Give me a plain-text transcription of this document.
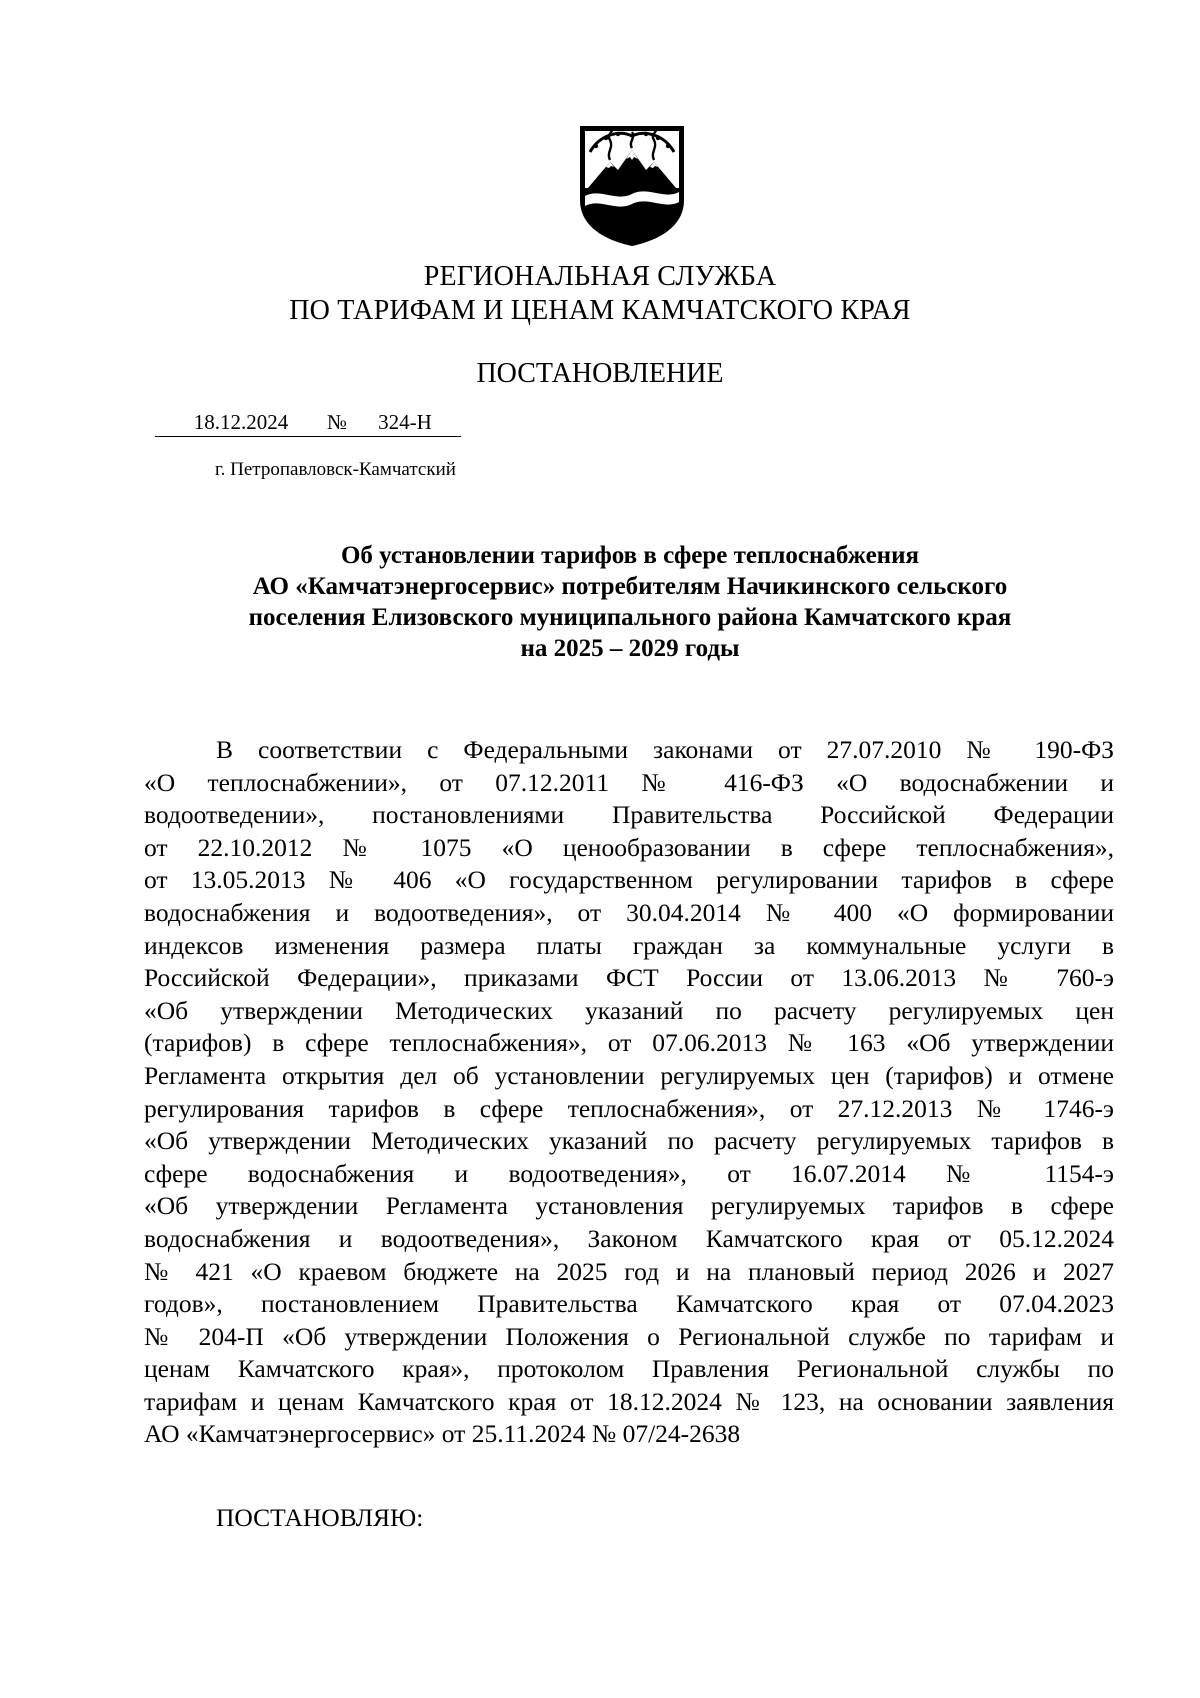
РЕГИОНАЛЬНАЯ СЛУЖБА
ПО ТАРИФАМ И ЦЕНАМ КАМЧАТСКОГО КРАЯ
ПОСТАНОВЛЕНИЕ
18.12.2024 № 324-Н
г. Петропавловск-Камчатский
Об установлении тарифов в сфере теплоснабжения
АО «Камчатэнергосервис» потребителям Начикинского сельского
поселения Елизовского муниципального района Камчатского края
на 2025 – 2029 годы
В соответствии с Федеральными законами от 27.07.2010 № 190-ФЗ
«О теплоснабжении», от 07.12.2011 № 416-ФЗ «О водоснабжении и
водоотведении», постановлениями Правительства Российской Федерации
от 22.10.2012 № 1075 «О ценообразовании в сфере теплоснабжения»,
от 13.05.2013 № 406 «О государственном регулировании тарифов в сфере
водоснабжения и водоотведения», от 30.04.2014 № 400 «О формировании
индексов изменения размера платы граждан за коммунальные услуги в
Российской Федерации», приказами ФСТ России от 13.06.2013 № 760-э
«Об утверждении Методических указаний по расчету регулируемых цен
(тарифов) в сфере теплоснабжения», от 07.06.2013 № 163 «Об утверждении
Регламента открытия дел об установлении регулируемых цен (тарифов) и отмене
регулирования тарифов в сфере теплоснабжения», от 27.12.2013 № 1746-э
«Об утверждении Методических указаний по расчету регулируемых тарифов в
сфере водоснабжения и водоотведения», от 16.07.2014 № 1154-э
«Об утверждении Регламента установления регулируемых тарифов в сфере
водоснабжения и водоотведения», Законом Камчатского края от 05.12.2024
№ 421 «О краевом бюджете на 2025 год и на плановый период 2026 и 2027
годов», постановлением Правительства Камчатского края от 07.04.2023
№ 204-П «Об утверждении Положения о Региональной службе по тарифам и
ценам Камчатского края», протоколом Правления Региональной службы по
тарифам и ценам Камчатского края от 18.12.2024 № 123, на основании заявления
АО «Камчатэнергосервис» от 25.11.2024 № 07/24-2638
ПОСТАНОВЛЯЮ:
